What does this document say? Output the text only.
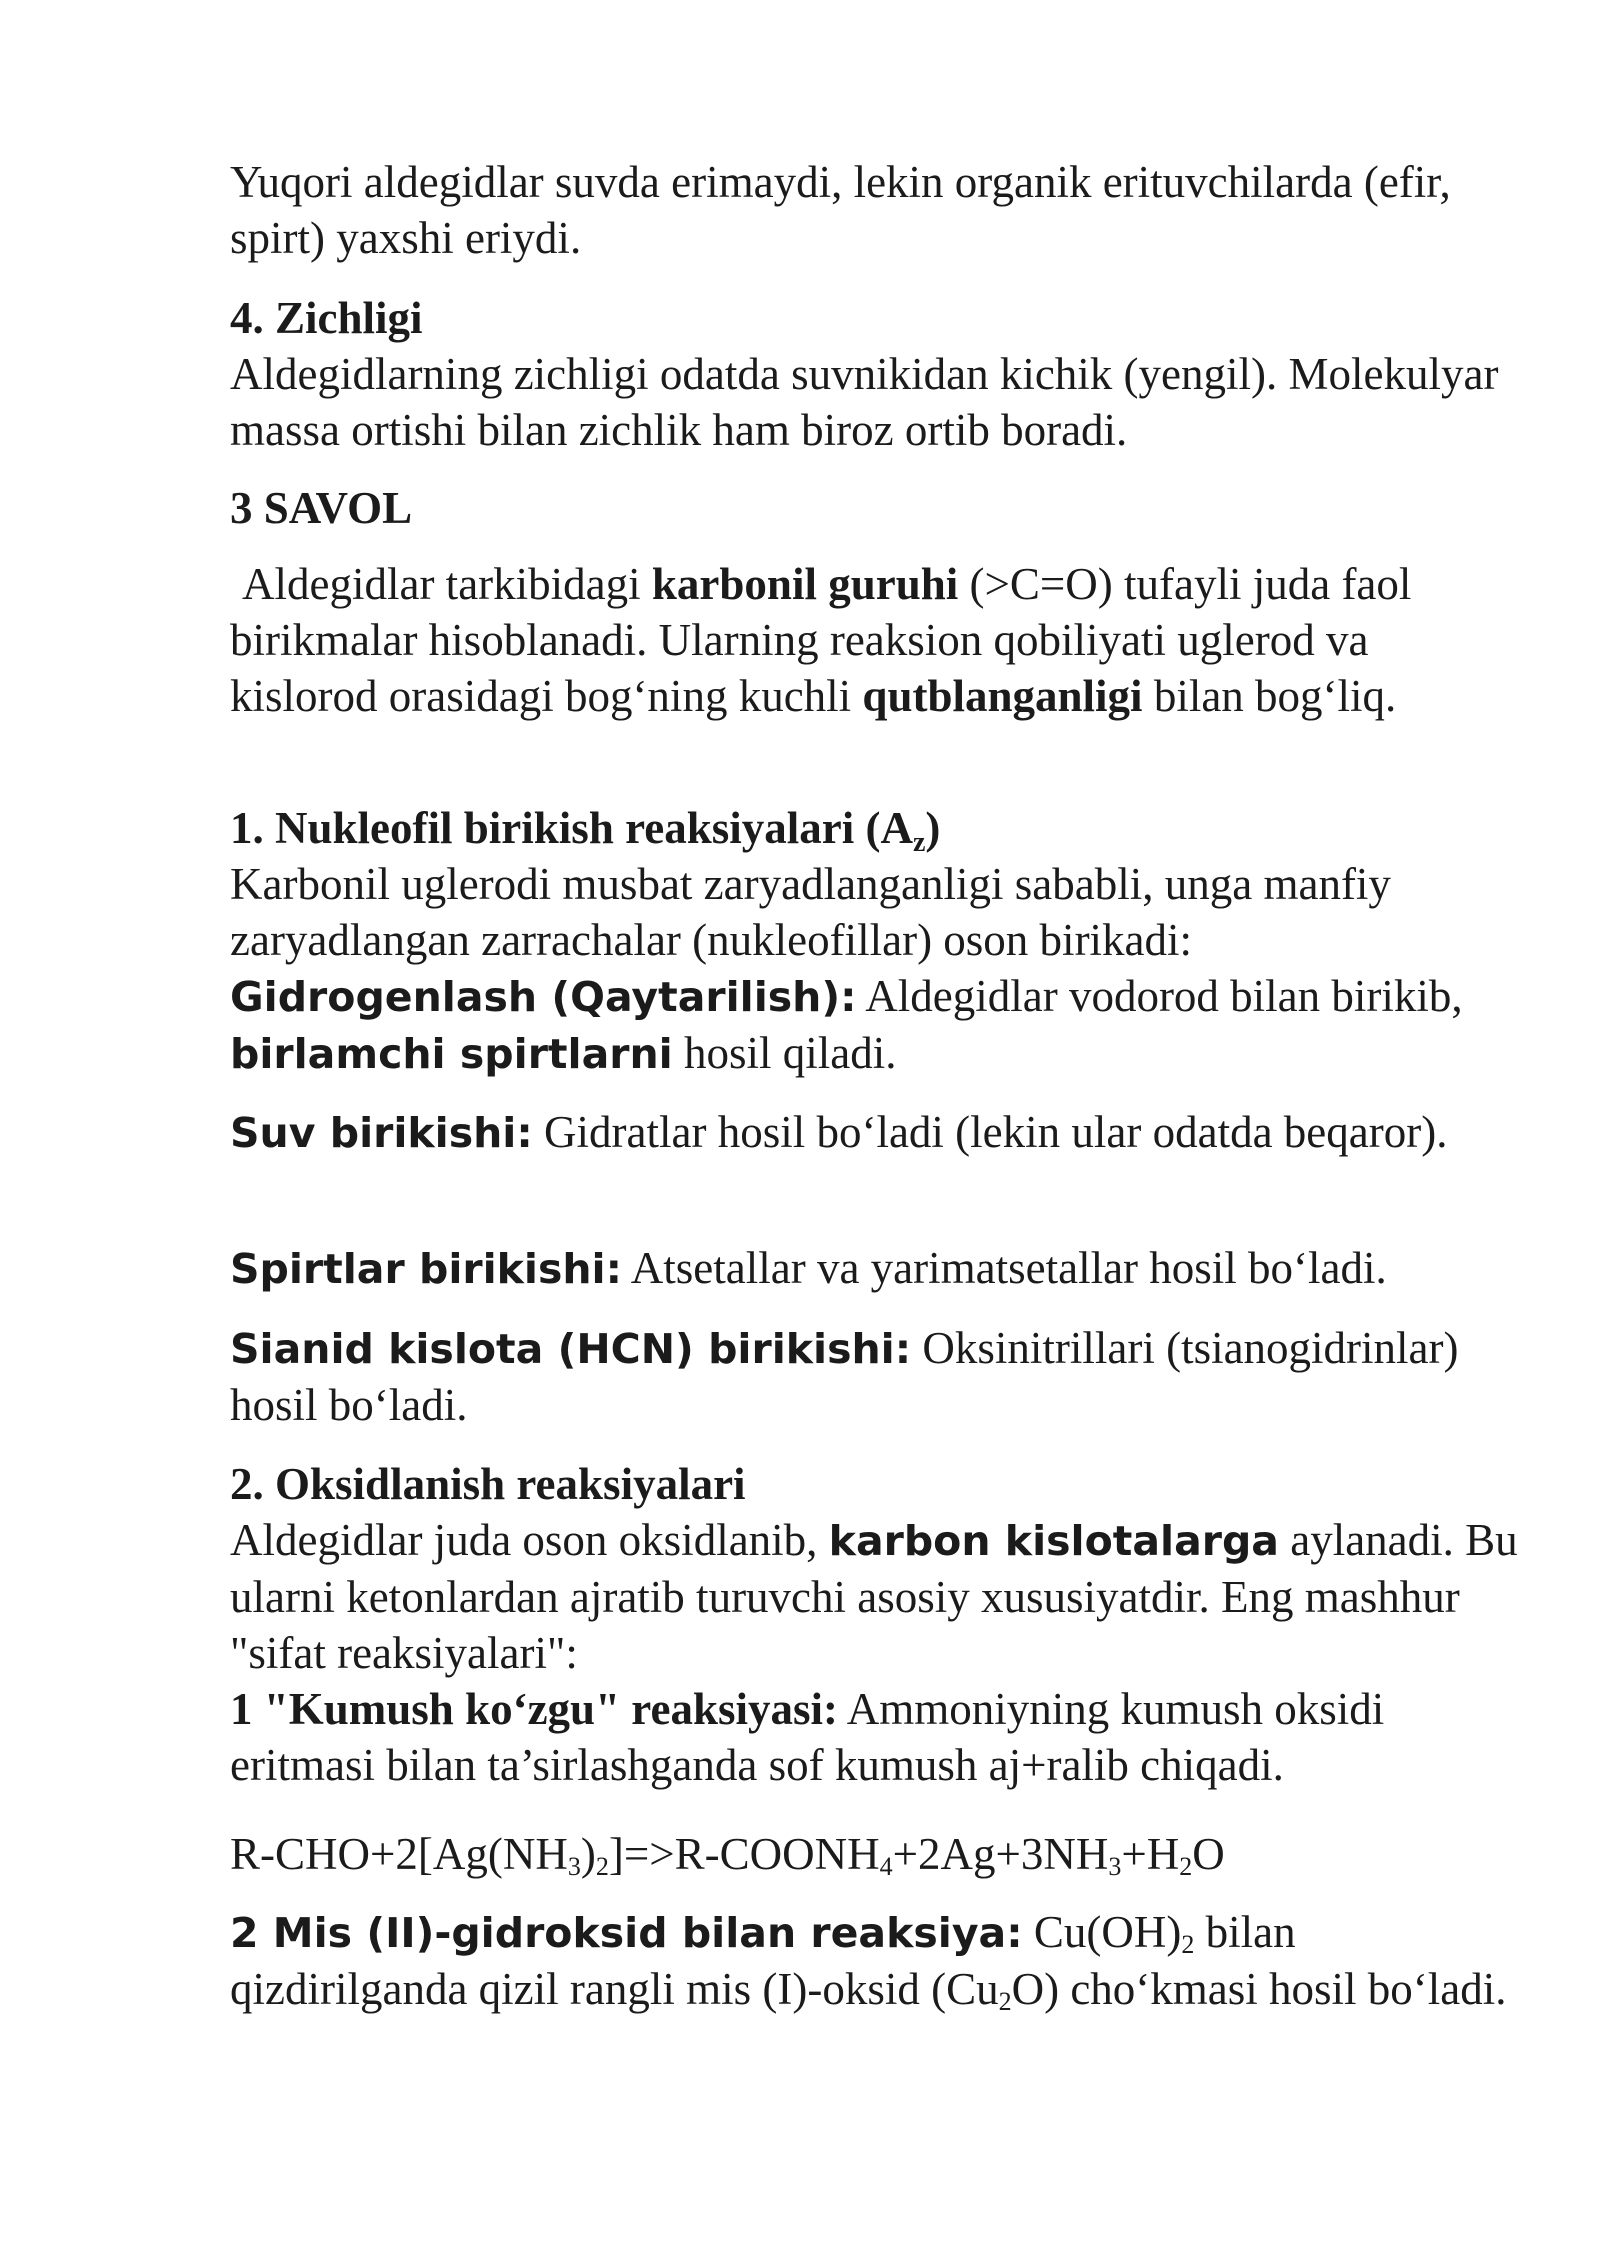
Yuqori aldegidlar suvda erimaydi, lekin organik erituvchilarda (efir, spirt) yaxshi eriydi.

4. Zichligi
Aldegidlarning zichligi odatda suvnikidan kichik (yengil). Molekulyar massa ortishi bilan zichlik ham biroz ortib boradi.

3 SAVOL

Aldegidlar tarkibidagi karbonil guruhi (>C=O) tufayli juda faol birikmalar hisoblanadi. Ularning reaksion qobiliyati uglerod va kislorod orasidagi bog‘ning kuchli qutblanganligi bilan bog‘liq.

1. Nukleofil birikish reaksiyalari (Az)
Karbonil uglerodi musbat zaryadlanganligi sababli, unga manfiy zaryadlangan zarrachalar (nukleofillar) oson birikadi:
Gidrogenlash (Qaytarilish): Aldegidlar vodorod bilan birikib, birlamchi spirtlarni hosil qiladi.

Suv birikishi: Gidratlar hosil bo‘ladi (lekin ular odatda beqaror).

Spirtlar birikishi: Atsetallar va yarimatsetallar hosil bo‘ladi.

Sianid kislota (HCN) birikishi: Oksinitrillari (tsianogidrinlar) hosil bo‘ladi.

2. Oksidlanish reaksiyalari
Aldegidlar juda oson oksidlanib, karbon kislotalarga aylanadi. Bu ularni ketonlardan ajratib turuvchi asosiy xususiyatdir. Eng mashhur "sifat reaksiyalari":
1 "Kumush ko‘zgu" reaksiyasi: Ammoniyning kumush oksidi eritmasi bilan ta’sirlashganda sof kumush aj+ralib chiqadi.

$R-CHO+2[Ag(NH_3)_2]=>R-COONH_4+2Ag+3NH_3+H_2O$

2 Mis (II)-gidroksid bilan reaksiya: $Cu(OH)_2$ bilan qizdirilganda qizil rangli mis (I)-oksid $(Cu_2O)$ cho‘kmasi hosil bo‘ladi.
